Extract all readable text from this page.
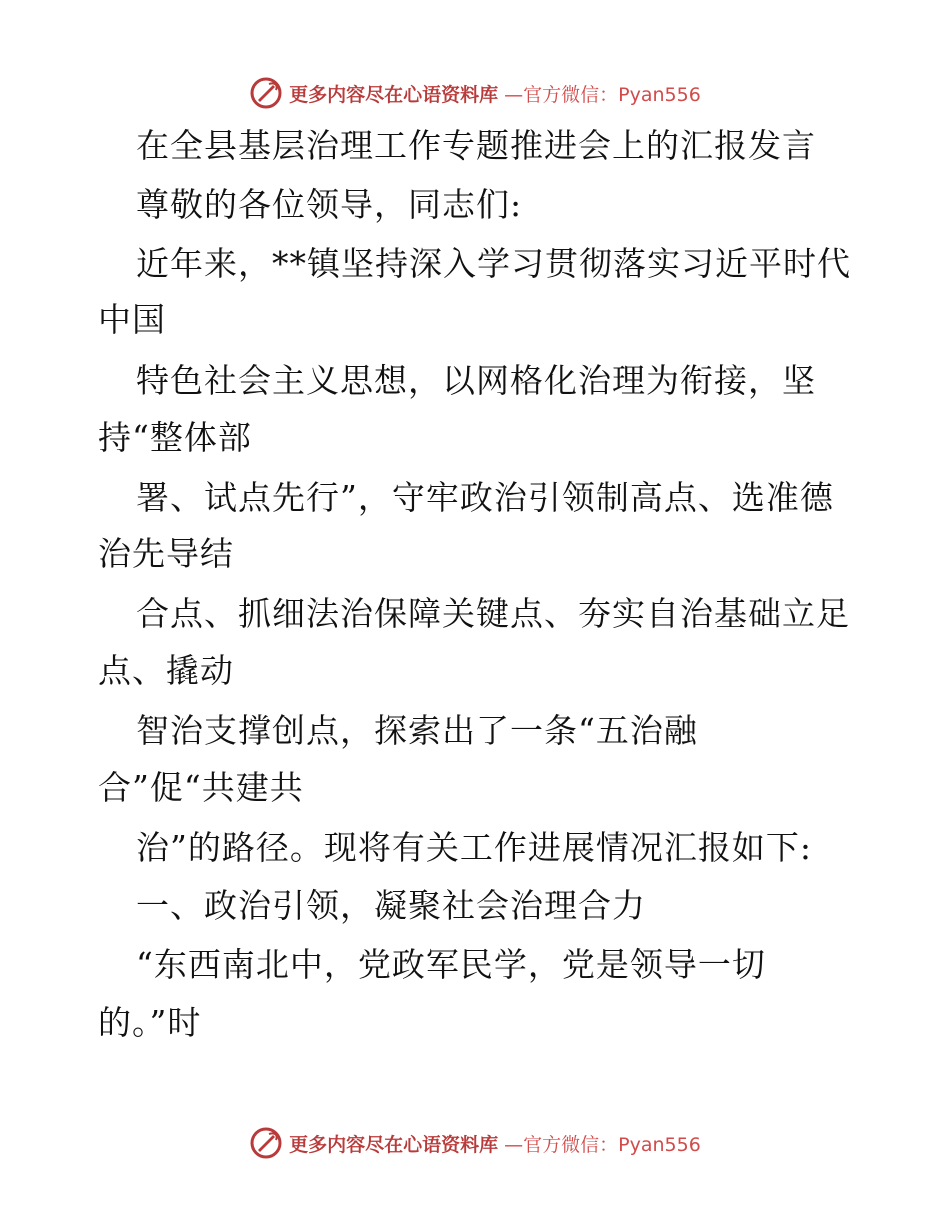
更多内容尽在心语资料库 —官方微信：Pyan556
在全县基层治理工作专题推进会上的汇报发言
尊敬的各位领导，同志们:
近年来，**镇坚持深入学习贯彻落实习近平时代
中国
特色社会主义思想，以网格化治理为衔接，坚
持“整体部
署、试点先行”，守牢政治引领制高点、选准德
治先导结
合点、抓细法治保障关键点、夯实自治基础立足
点、撬动
智治支撑创点，探索出了一条“五治融
合”促“共建共
治”的路径。现将有关工作进展情况汇报如下:
一、政治引领，凝聚社会治理合力
“东西南北中，党政军民学，党是领导一切
的。”时
更多内容尽在心语资料库 —官方微信：Pyan556
